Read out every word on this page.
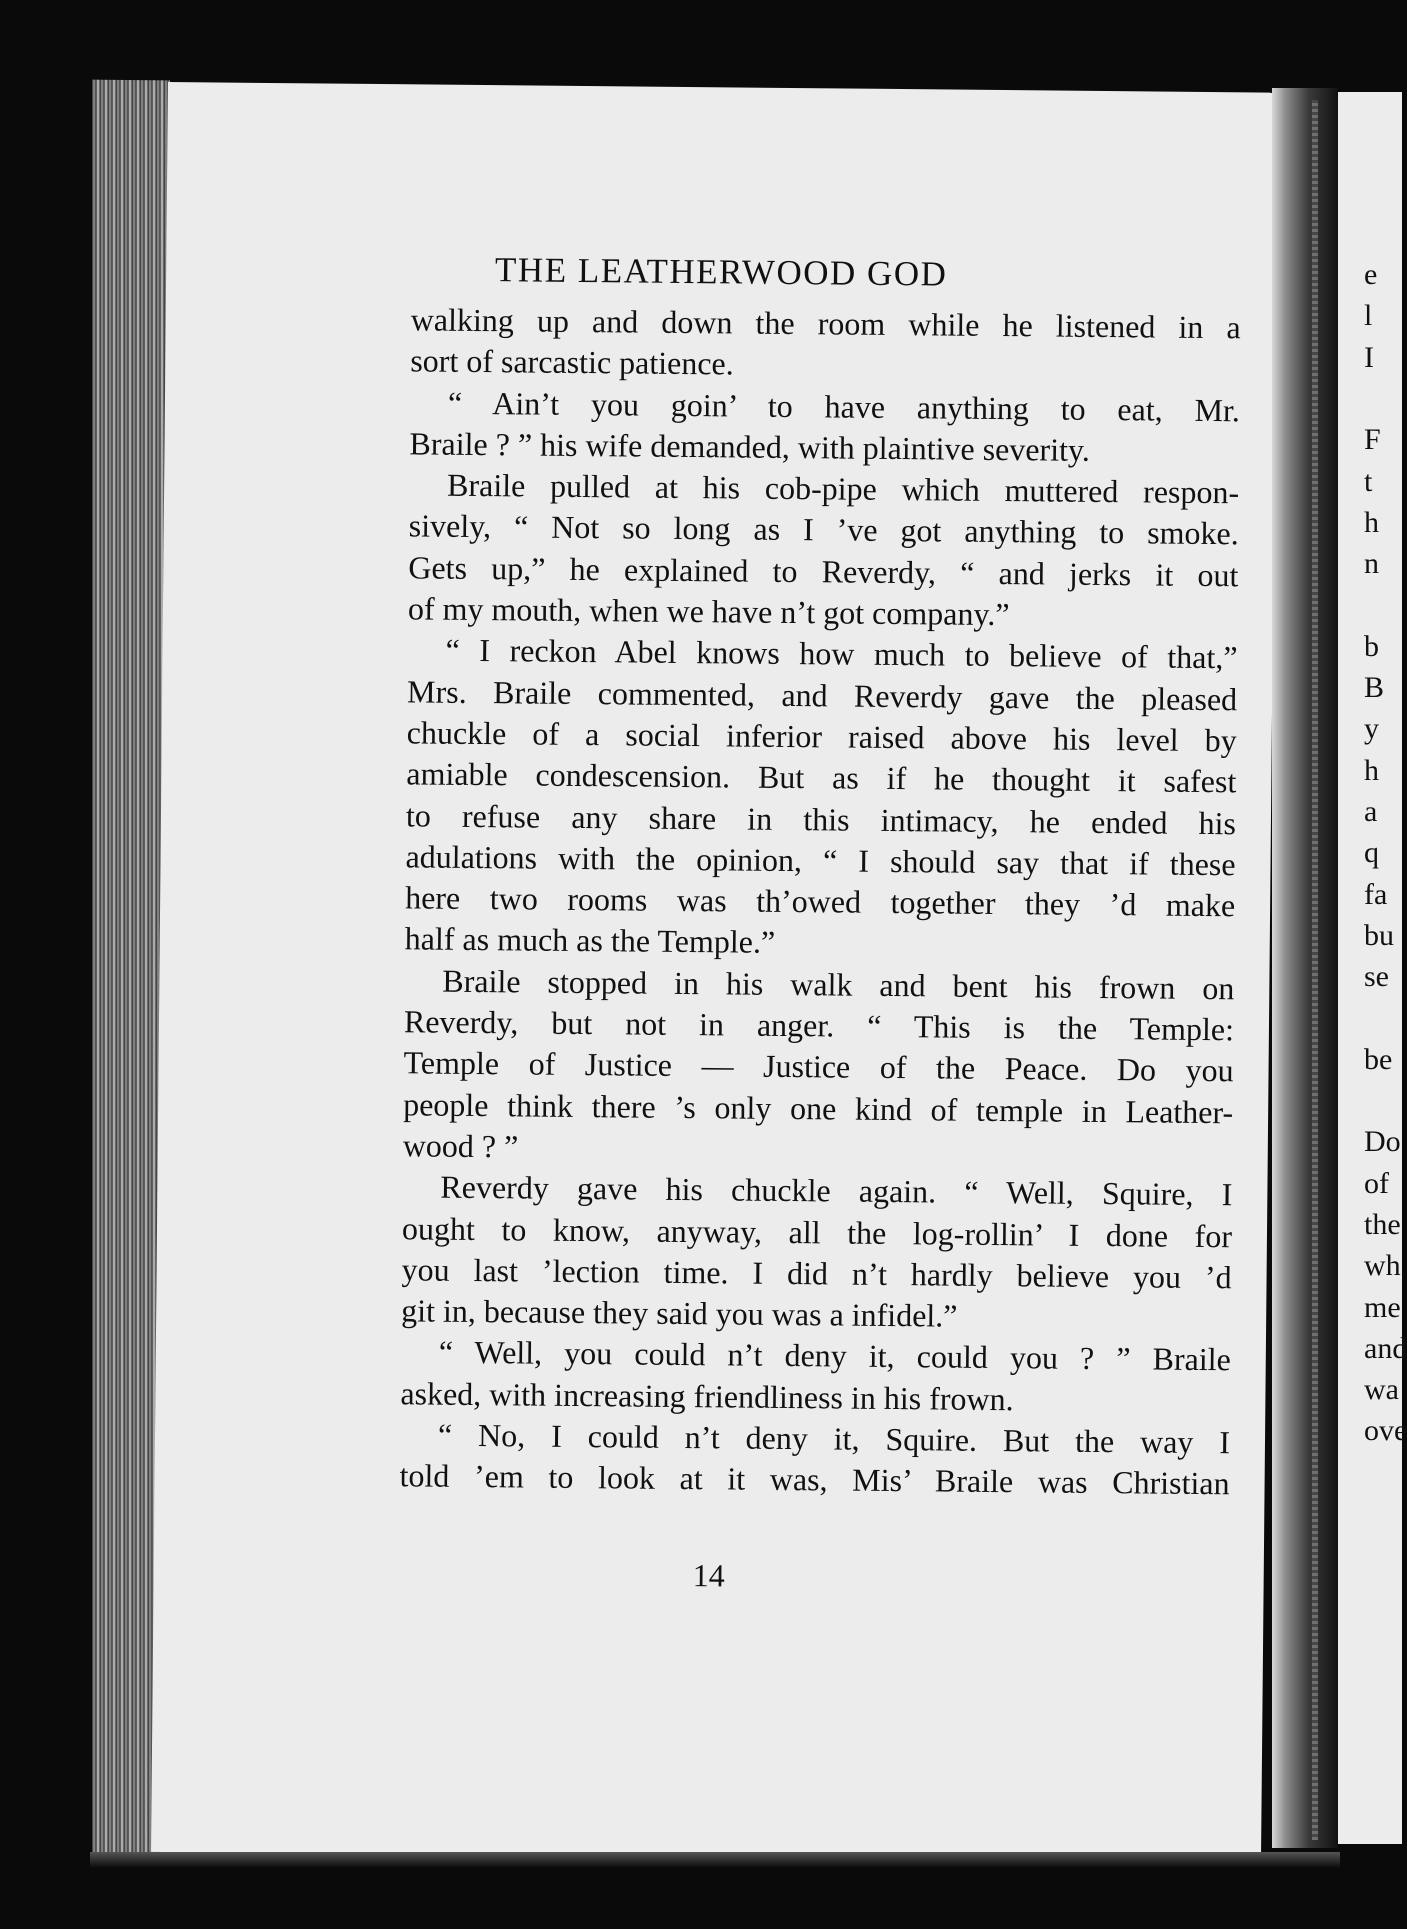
THE LEATHERWOOD GOD
walking up and down the room while he listened in a
sort of sarcastic patience.
“ Ain’t you goin’ to have anything to eat, Mr.
Braile ? ” his wife demanded, with plaintive severity.
Braile pulled at his cob-pipe which muttered respon-
sively, “ Not so long as I ’ve got anything to smoke.
Gets up,” he explained to Reverdy, “ and jerks it out
of my mouth, when we have n’t got company.”
“ I reckon Abel knows how much to believe of that,”
Mrs. Braile commented, and Reverdy gave the pleased
chuckle of a social inferior raised above his level by
amiable condescension. But as if he thought it safest
to refuse any share in this intimacy, he ended his
adulations with the opinion, “ I should say that if these
here two rooms was th’owed together they ’d make
half as much as the Temple.”
Braile stopped in his walk and bent his frown on
Reverdy, but not in anger. “ This is the Temple:
Temple of Justice — Justice of the Peace. Do you
people think there ’s only one kind of temple in Leather-
wood ? ”
Reverdy gave his chuckle again. “ Well, Squire, I
ought to know, anyway, all the log-rollin’ I done for
you last ’lection time. I did n’t hardly believe you ’d
git in, because they said you was a infidel.”
“ Well, you could n’t deny it, could you ? ” Braile
asked, with increasing friendliness in his frown.
“ No, I could n’t deny it, Squire. But the way I
told ’em to look at it was, Mis’ Braile was Christian
14
e
l
I
F
t
h
n
b
B
y
h
a
q
fa
bu
se
be
Do
of
the
wh
me
and
wa
ove
